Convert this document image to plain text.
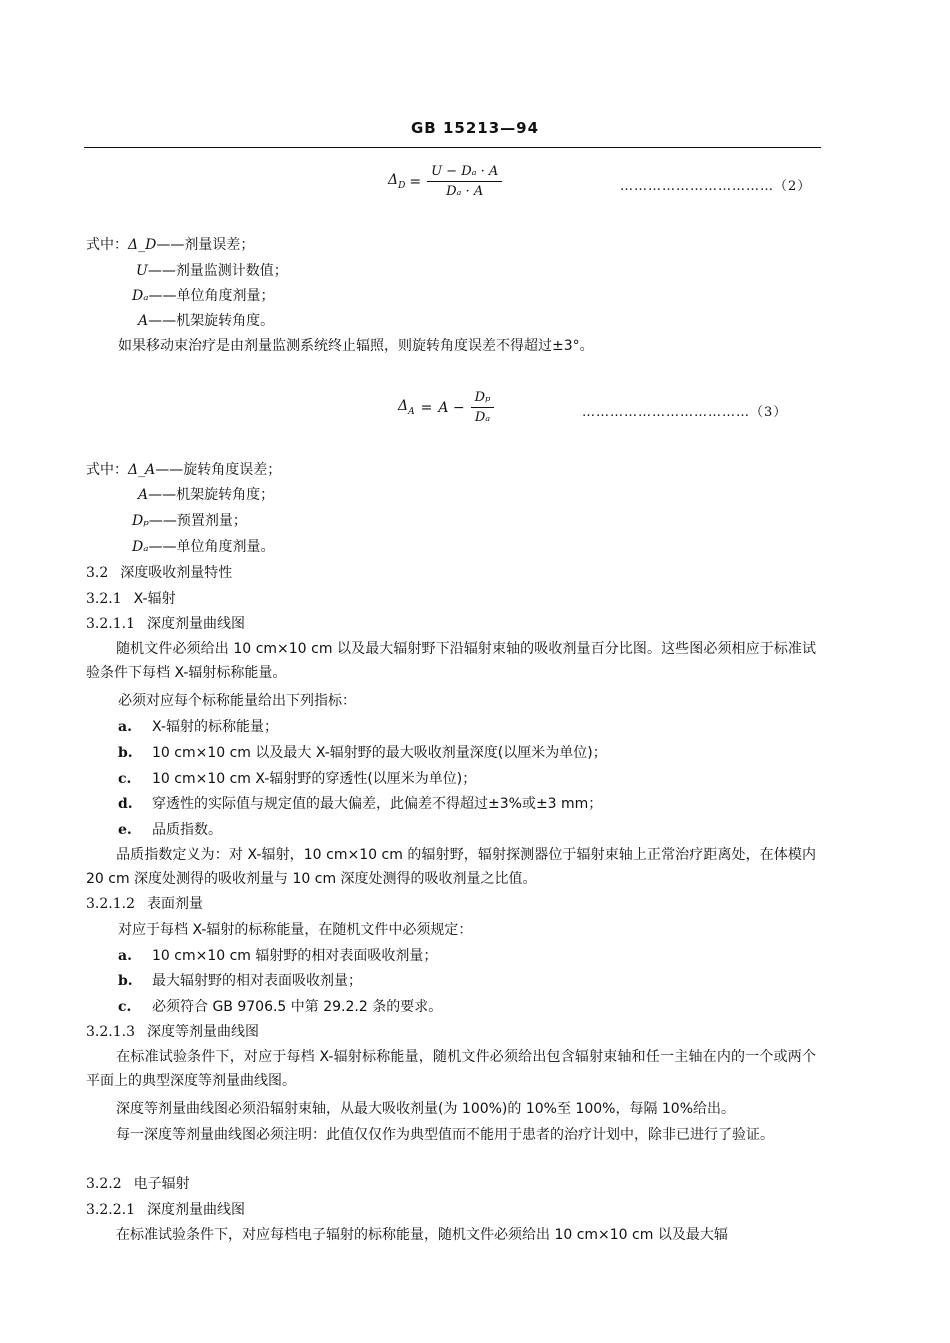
GB 15213—94
$\Delta_D = \frac{\text{U − Dₐ · A}}{\text{Dₐ · A}}$	……………………………（2）
式中：Δ_D——剂量误差；
U——剂量监测计数值；
Dₐ——单位角度剂量；
A——机架旋转角度。
如果移动束治疗是由剂量监测系统终止辐照，则旋转角度误差不得超过±3°。
$\Delta_A = A - \frac{\text{Dₚ}}{\text{Dₐ}}$	………………………………（3）
式中：Δ_A——旋转角度误差；
A——机架旋转角度；
Dₚ——预置剂量；
Dₐ——单位角度剂量。
3.2 深度吸收剂量特性
3.2.1 X-辐射
3.2.1.1 深度剂量曲线图
随机文件必须给出 10 cm×10 cm 以及最大辐射野下沿辐射束轴的吸收剂量百分比图。这些图必须相应于标准试验条件下每档 X-辐射标称能量。
必须对应每个标称能量给出下列指标：
a. X-辐射的标称能量；
b. 10 cm×10 cm 以及最大 X-辐射野的最大吸收剂量深度(以厘米为单位)；
c. 10 cm×10 cm X-辐射野的穿透性(以厘米为单位)；
d. 穿透性的实际值与规定值的最大偏差，此偏差不得超过±3%或±3 mm；
e. 品质指数。
品质指数定义为：对 X-辐射，10 cm×10 cm 的辐射野，辐射探测器位于辐射束轴上正常治疗距离处，在体模内 20 cm 深度处测得的吸收剂量与 10 cm 深度处测得的吸收剂量之比值。
3.2.1.2 表面剂量
对应于每档 X-辐射的标称能量，在随机文件中必须规定：
a. 10 cm×10 cm 辐射野的相对表面吸收剂量；
b. 最大辐射野的相对表面吸收剂量；
c. 必须符合 GB 9706.5 中第 29.2.2 条的要求。
3.2.1.3 深度等剂量曲线图
在标准试验条件下，对应于每档 X-辐射标称能量，随机文件必须给出包含辐射束轴和任一主轴在内的一个或两个平面上的典型深度等剂量曲线图。
深度等剂量曲线图必须沿辐射束轴，从最大吸收剂量(为 100%)的 10%至 100%，每隔 10%给出。
每一深度等剂量曲线图必须注明：此值仅仅作为典型值而不能用于患者的治疗计划中，除非已进行了验证。
3.2.2 电子辐射
3.2.2.1 深度剂量曲线图
在标准试验条件下，对应每档电子辐射的标称能量，随机文件必须给出 10 cm×10 cm 以及最大辐
